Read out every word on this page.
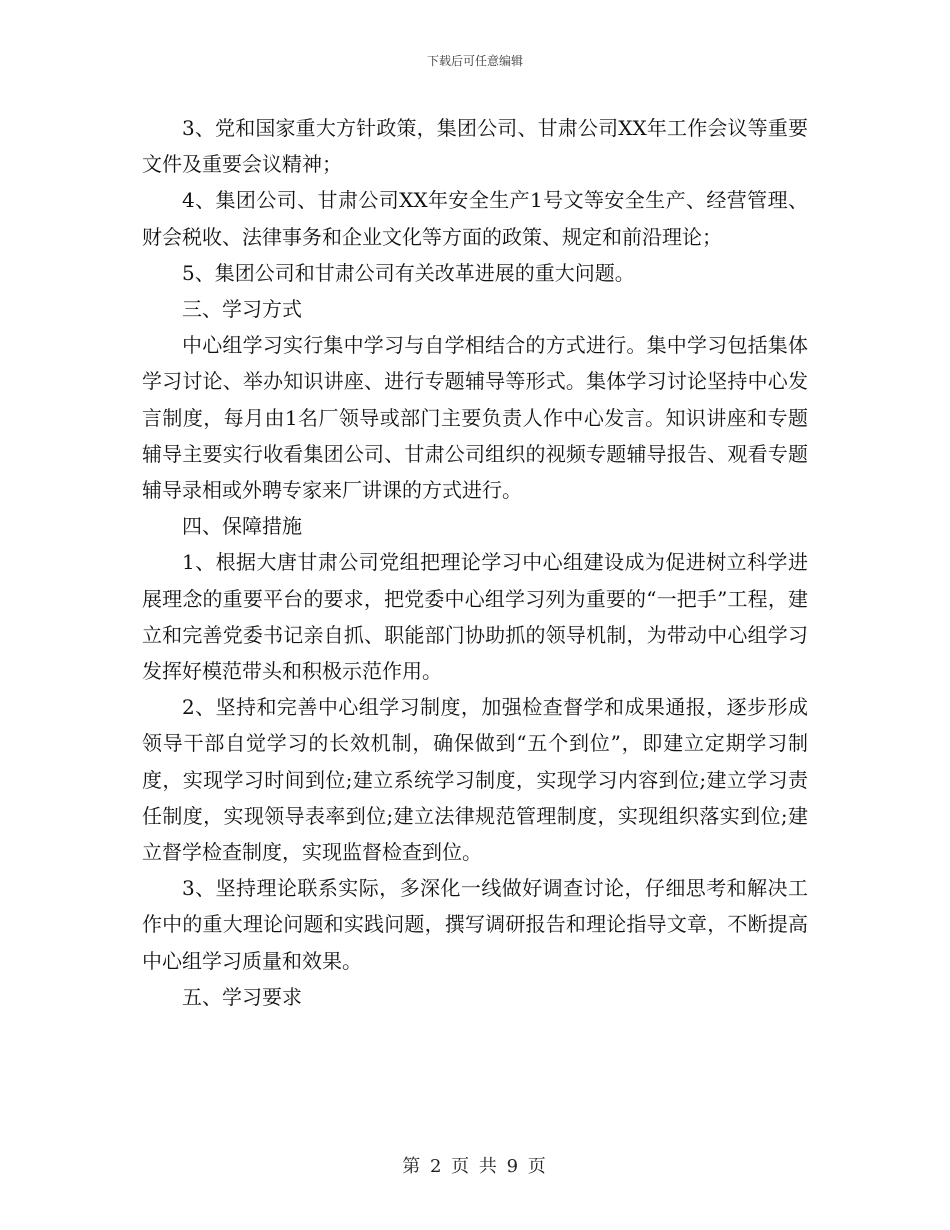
下载后可任意编辑

3、党和国家重大方针政策，集团公司、甘肃公司XX年工作会议等重要文件及重要会议精神；

4、集团公司、甘肃公司XX年安全生产1号文等安全生产、经营管理、财会税收、法律事务和企业文化等方面的政策、规定和前沿理论；

5、集团公司和甘肃公司有关改革进展的重大问题。

三、学习方式

中心组学习实行集中学习与自学相结合的方式进行。集中学习包括集体学习讨论、举办知识讲座、进行专题辅导等形式。集体学习讨论坚持中心发言制度，每月由1名厂领导或部门主要负责人作中心发言。知识讲座和专题辅导主要实行收看集团公司、甘肃公司组织的视频专题辅导报告、观看专题辅导录相或外聘专家来厂讲课的方式进行。

四、保障措施

1、根据大唐甘肃公司党组把理论学习中心组建设成为促进树立科学进展理念的重要平台的要求，把党委中心组学习列为重要的“一把手”工程，建立和完善党委书记亲自抓、职能部门协助抓的领导机制，为带动中心组学习发挥好模范带头和积极示范作用。

2、坚持和完善中心组学习制度，加强检查督学和成果通报，逐步形成领导干部自觉学习的长效机制，确保做到“五个到位”，即建立定期学习制度，实现学习时间到位;建立系统学习制度，实现学习内容到位;建立学习责任制度，实现领导表率到位;建立法律规范管理制度，实现组织落实到位;建立督学检查制度，实现监督检查到位。

3、坚持理论联系实际，多深化一线做好调查讨论，仔细思考和解决工作中的重大理论问题和实践问题，撰写调研报告和理论指导文章，不断提高中心组学习质量和效果。

五、学习要求

第 2 页 共 9 页
